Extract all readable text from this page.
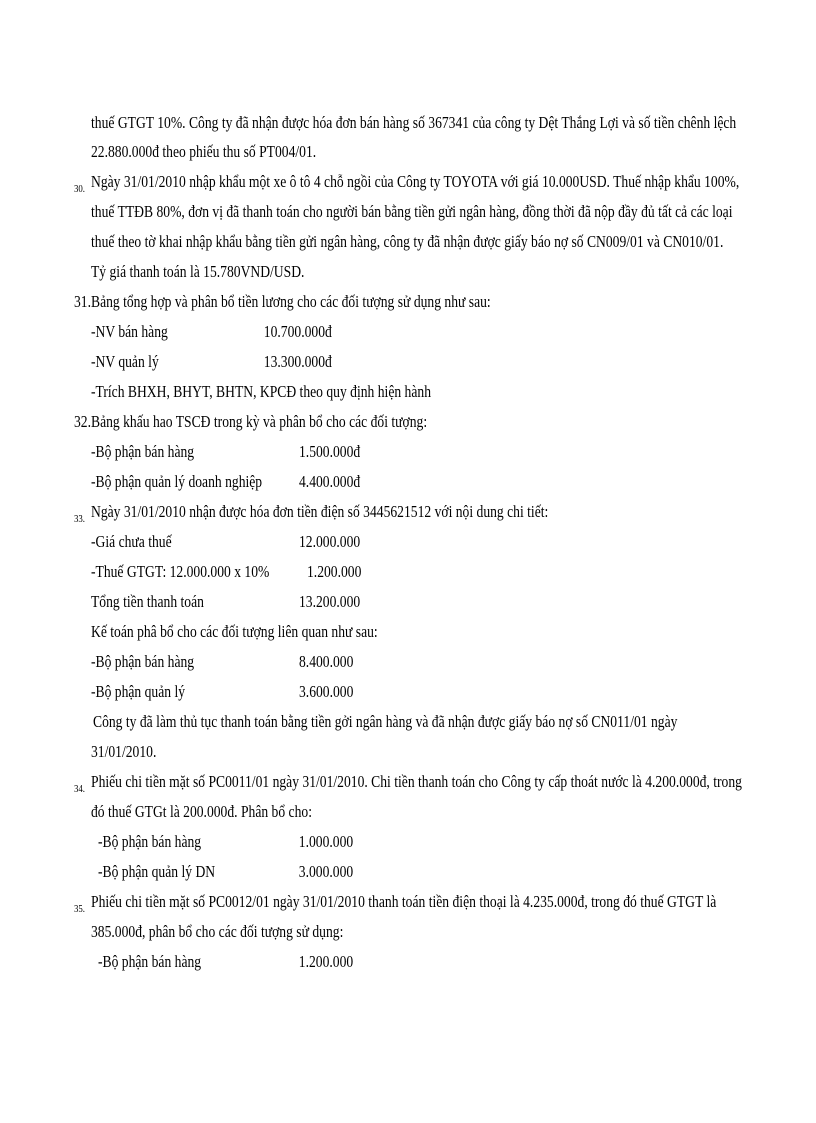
thuế GTGT 10%. Công ty đã nhận được hóa đơn bán hàng số 367341 của công ty Dệt Thắng Lợi và số tiền chênh lệch
22.880.000đ theo phiếu thu số PT004/01.
30. Ngày 31/01/2010 nhập khẩu một xe ô tô 4 chỗ ngồi của Công ty TOYOTA với giá 10.000USD. Thuế nhập khẩu 100%,
thuế TTĐB 80%, đơn vị đã thanh toán cho người bán bằng tiền gửi ngân hàng, đồng thời đã nộp đầy đủ tất cả các loại
thuế theo tờ khai nhập khẩu bằng tiền gửi ngân hàng, công ty đã nhận được giấy báo nợ số CN009/01 và CN010/01.
Tỷ giá thanh toán là 15.780VND/USD.
31.Bảng tổng hợp và phân bổ tiền lương cho các đối tượng sử dụng như sau:
-NV bán hàng	10.700.000đ
-NV quản lý	13.300.000đ
-Trích BHXH, BHYT, BHTN, KPCĐ theo quy định hiện hành
32.Bảng khấu hao TSCĐ trong kỳ và phân bổ cho các đối tượng:
-Bộ phận bán hàng	1.500.000đ
-Bộ phận quản lý doanh nghiệp 4.400.000đ
33. Ngày 31/01/2010 nhận được hóa đơn tiền điện số 3445621512 với nội dung chi tiết:
-Giá chưa thuế	12.000.000
-Thuế GTGT: 12.000.000 x 10% 1.200.000
Tổng tiền thanh toán	13.200.000
Kế toán phâ bổ cho các đối tượng liên quan như sau:
-Bộ phận bán hàng	8.400.000
-Bộ phận quản lý	3.600.000
Công ty đã làm thủ tục thanh toán bằng tiền gởi ngân hàng và đã nhận được giấy báo nợ số CN011/01 ngày
31/01/2010.
34. Phiếu chi tiền mặt số PC0011/01 ngày 31/01/2010. Chi tiền thanh toán cho Công ty cấp thoát nước là 4.200.000đ, trong
đó thuế GTGt là 200.000đ. Phân bổ cho:
-Bộ phận bán hàng	1.000.000
-Bộ phận quản lý DN	3.000.000
35. Phiếu chi tiền mặt số PC0012/01 ngày 31/01/2010 thanh toán tiền điện thoại là 4.235.000đ, trong đó thuế GTGT là
385.000đ, phân bổ cho các đối tượng sử dụng:
-Bộ phận bán hàng	1.200.000
